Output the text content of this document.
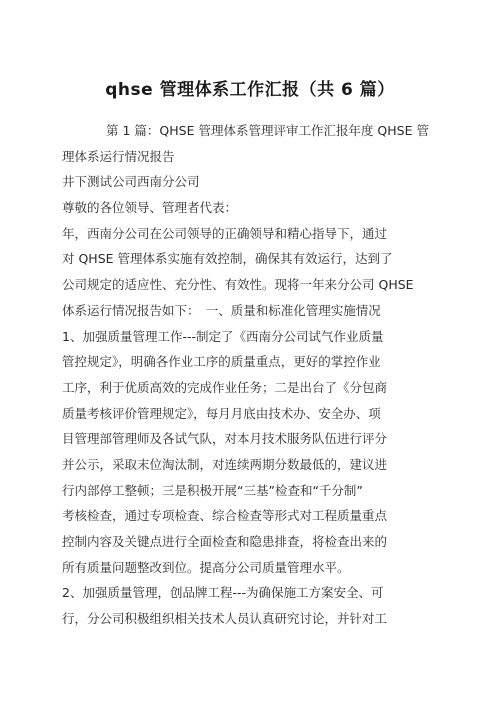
qhse 管理体系工作汇报（共 6 篇）
第 1 篇：QHSE 管理体系管理评审工作汇报年度 QHSE 管
理体系运行情况报告
井下测试公司西南分公司
尊敬的各位领导、管理者代表：
年，西南分公司在公司领导的正确领导和精心指导下，通过
对 QHSE 管理体系实施有效控制，确保其有效运行，达到了
公司规定的适应性、充分性、有效性。现将一年来分公司 QHSE
体系运行情况报告如下：　一、质量和标准化管理实施情况
1、加强质量管理工作---制定了《西南分公司试气作业质量
管控规定》，明确各作业工序的质量重点，更好的掌控作业
工序，利于优质高效的完成作业任务；二是出台了《分包商
质量考核评价管理规定》，每月月底由技术办、安全办、项
目管理部管理师及各试气队，对本月技术服务队伍进行评分
并公示，采取末位淘汰制，对连续两期分数最低的，建议进
行内部停工整顿；三是积极开展“三基”检查和“千分制”
考核检查，通过专项检查、综合检查等形式对工程质量重点
控制内容及关键点进行全面检查和隐患排查，将检查出来的
所有质量问题整改到位。提高分公司质量管理水平。
2、加强质量管理，创品牌工程---为确保施工方案安全、可
行，分公司积极组织相关技术人员认真研究讨论，并针对工
